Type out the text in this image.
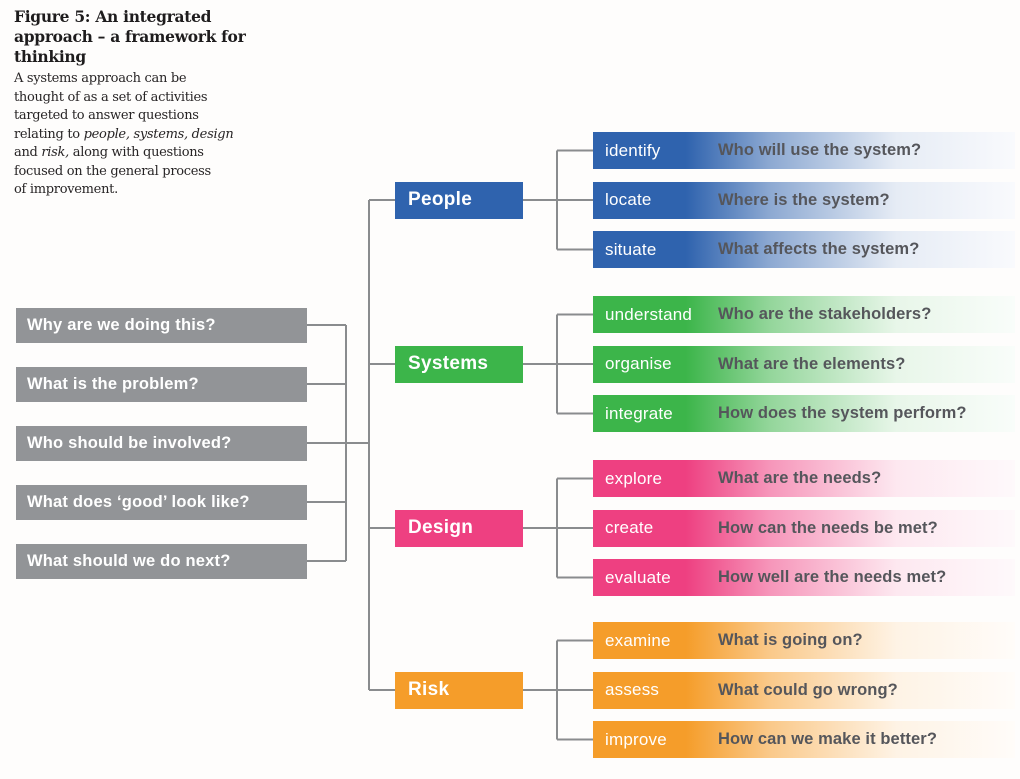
Figure 5: An integrated
approach – a framework for
thinking
A systems approach can be
thought of as a set of activities
targeted to answer questions
relating to people, systems, design
and risk, along with questions
focused on the general process
of improvement.
Why are we doing this?
What is the problem?
Who should be involved?
What does ‘good’ look like?
What should we do next?
People
identify	Who will use the system?
locate	Where is the system?
situate	What affects the system?
Systems
understand Who are the stakeholders?
organise	What are the elements?
integrate	How does the system perform?
Design
explore	What are the needs?
create	How can the needs be met?
evaluate	How well are the needs met?
Risk
examine	What is going on?
assess	What could go wrong?
improve	How can we make it better?
